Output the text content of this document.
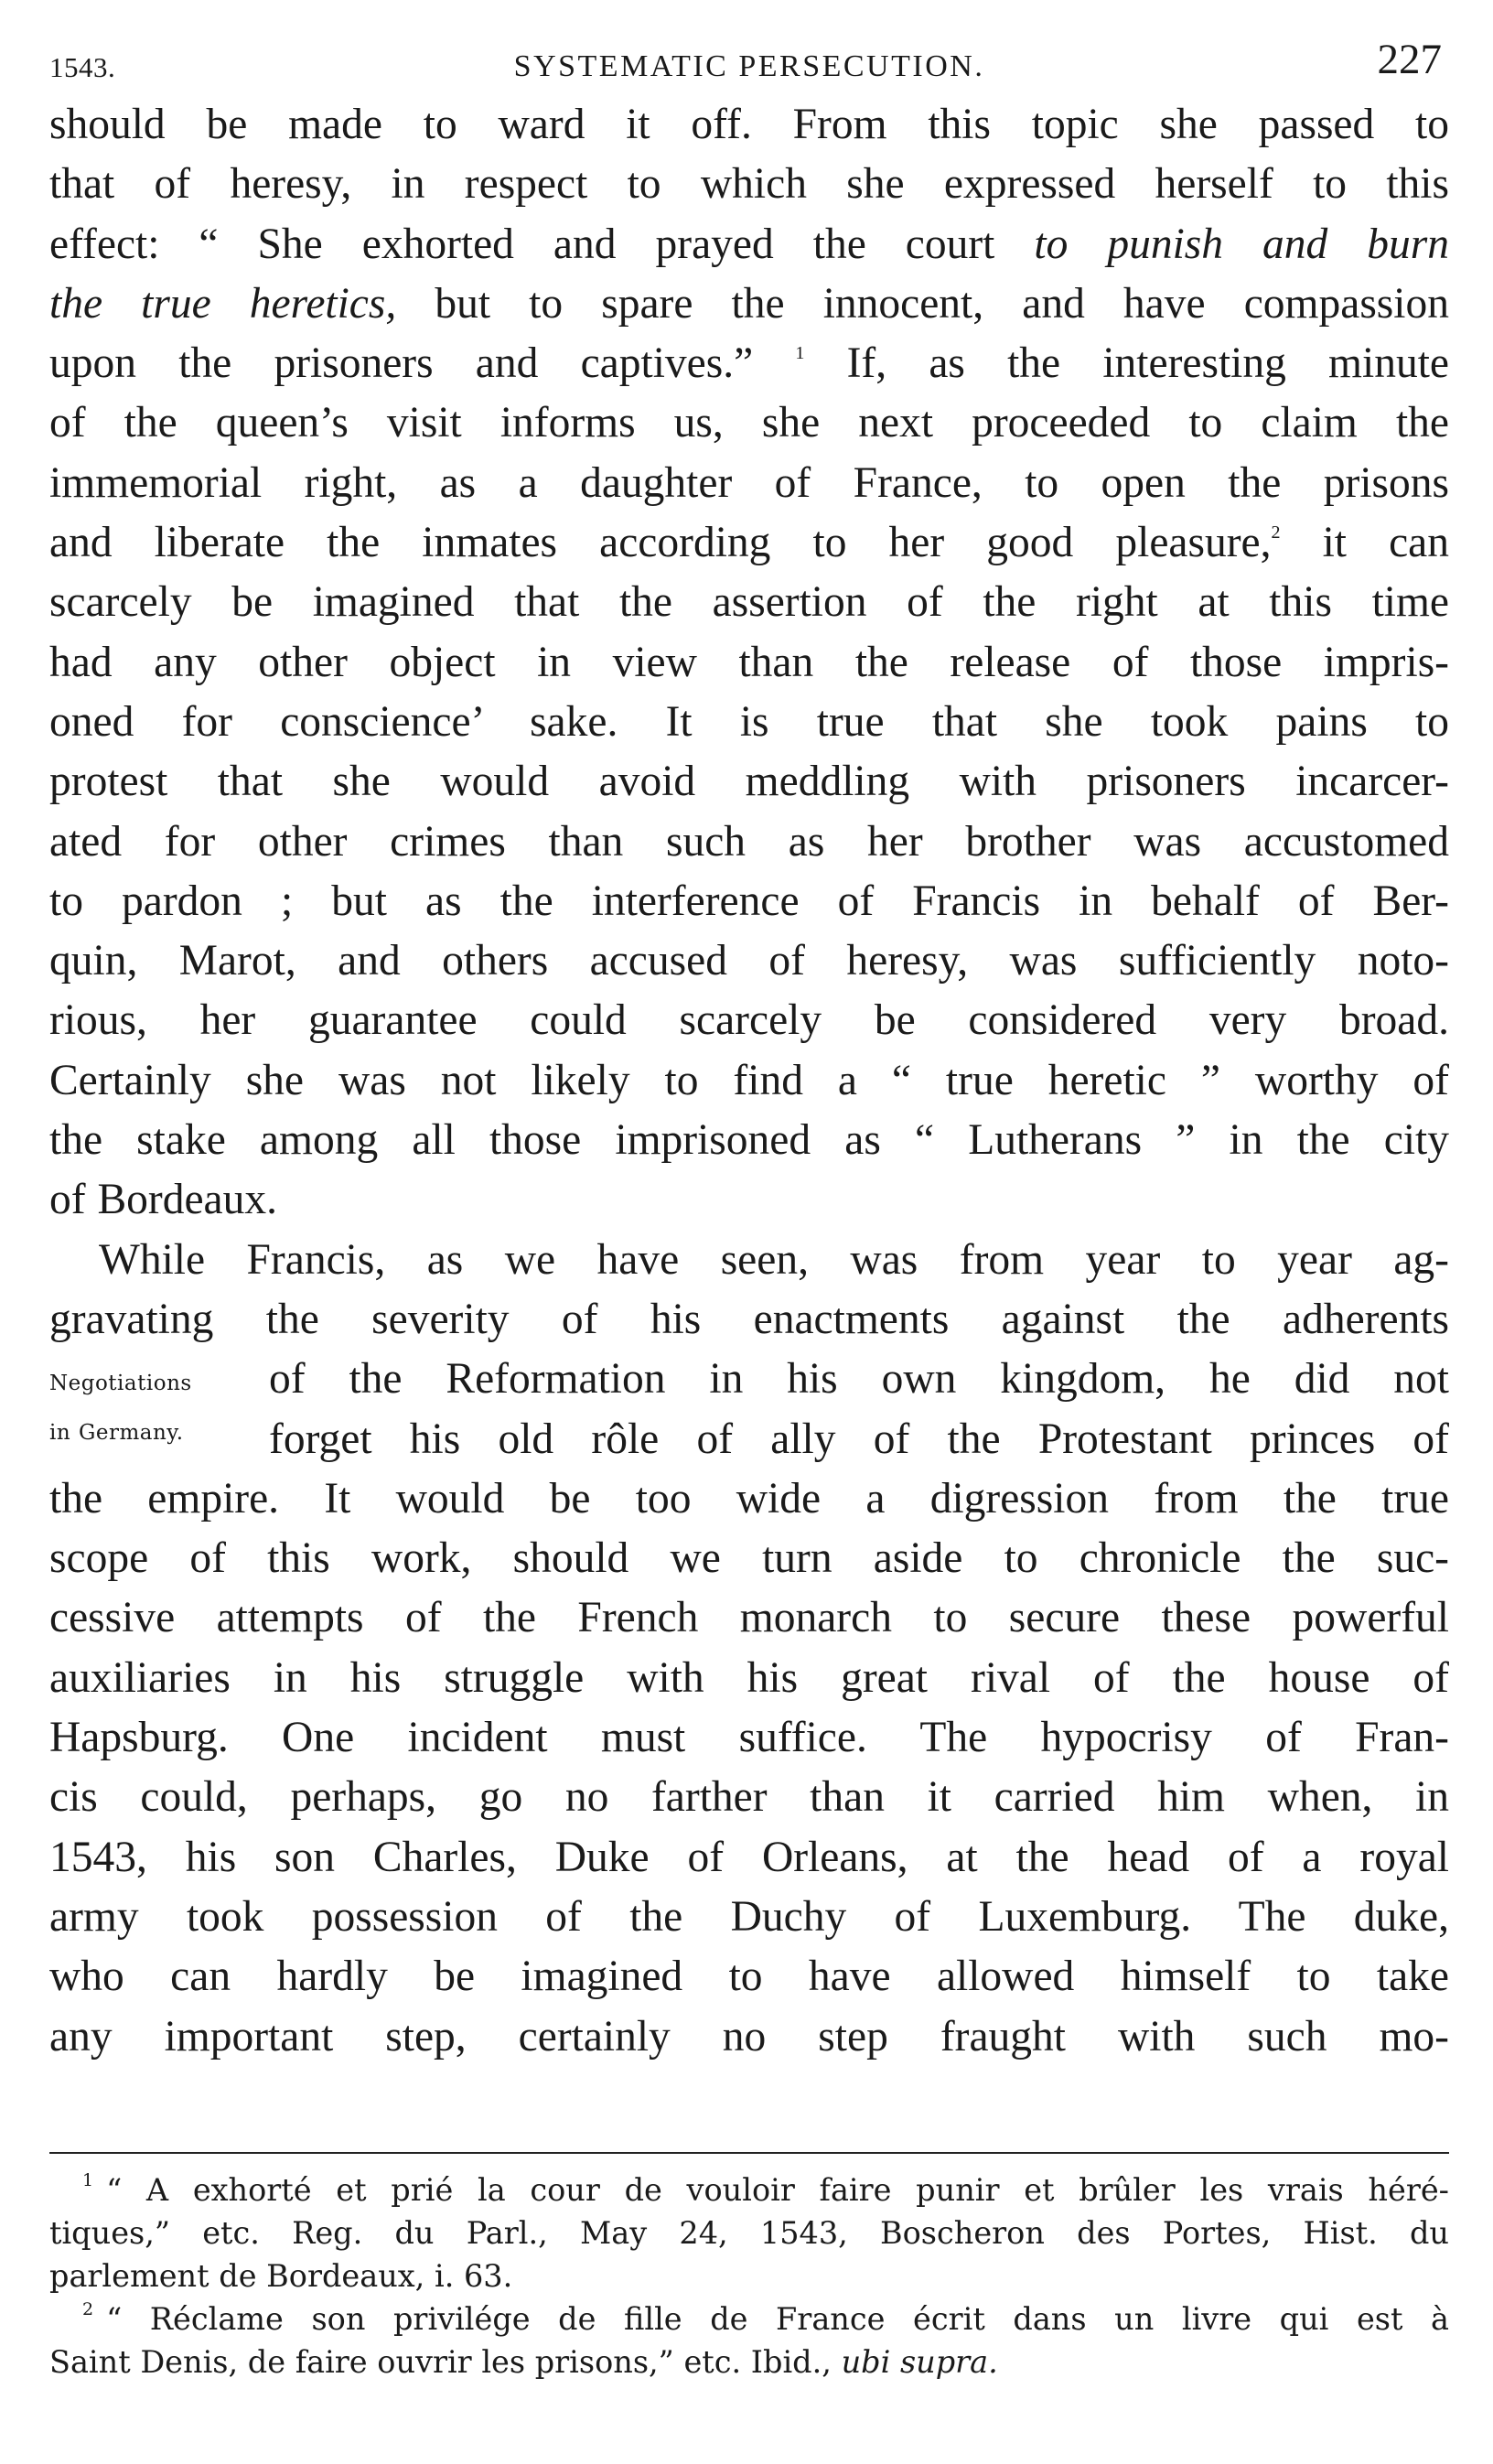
1543.	SYSTEMATIC PERSECUTION.	227

should be made to ward it off. From this topic she passed to
that of heresy, in respect to which she expressed herself to this
effect: “ She exhorted and prayed the court to punish and burn
the true heretics, but to spare the innocent, and have compassion
upon the prisoners and captives.” $^1$ If, as the interesting minute
of the queen’s visit informs us, she next proceeded to claim the
immemorial right, as a daughter of France, to open the prisons
and liberate the inmates according to her good pleasure,$^2$ it can
scarcely be imagined that the assertion of the right at this time
had any other object in view than the release of those impris-
oned for conscience’ sake. It is true that she took pains to
protest that she would avoid meddling with prisoners incarcer-
ated for other crimes than such as her brother was accustomed
to pardon ; but as the interference of Francis in behalf of Ber-
quin, Marot, and others accused of heresy, was sufficiently noto-
rious, her guarantee could scarcely be considered very broad.
Certainly she was not likely to find a “ true heretic ” worthy of
the stake among all those imprisoned as “ Lutherans ” in the city
of Bordeaux.

While Francis, as we have seen, was from year to year ag-
gravating the severity of his enactments against the adherents
Negotiations of the Reformation in his own kingdom, he did not
in Germany. forget his old rôle of ally of the Protestant princes of
the empire. It would be too wide a digression from the true
scope of this work, should we turn aside to chronicle the suc-
cessive attempts of the French monarch to secure these powerful
auxiliaries in his struggle with his great rival of the house of
Hapsburg. One incident must suffice. The hypocrisy of Fran-
cis could, perhaps, go no farther than it carried him when, in
1543, his son Charles, Duke of Orleans, at the head of a royal
army took possession of the Duchy of Luxemburg. The duke,
who can hardly be imagined to have allowed himself to take
any important step, certainly no step fraught with such mo-

$^1$ “ A exhorté et prié la cour de vouloir faire punir et brûler les vrais héré-
tiques,” etc. Reg. du Parl., May 24, 1543, Boscheron des Portes, Hist. du
parlement de Bordeaux, i. 63.
$^2$ “ Réclame son privilége de fille de France écrit dans un livre qui est à
Saint Denis, de faire ouvrir les prisons,” etc. Ibid., ubi supra.
